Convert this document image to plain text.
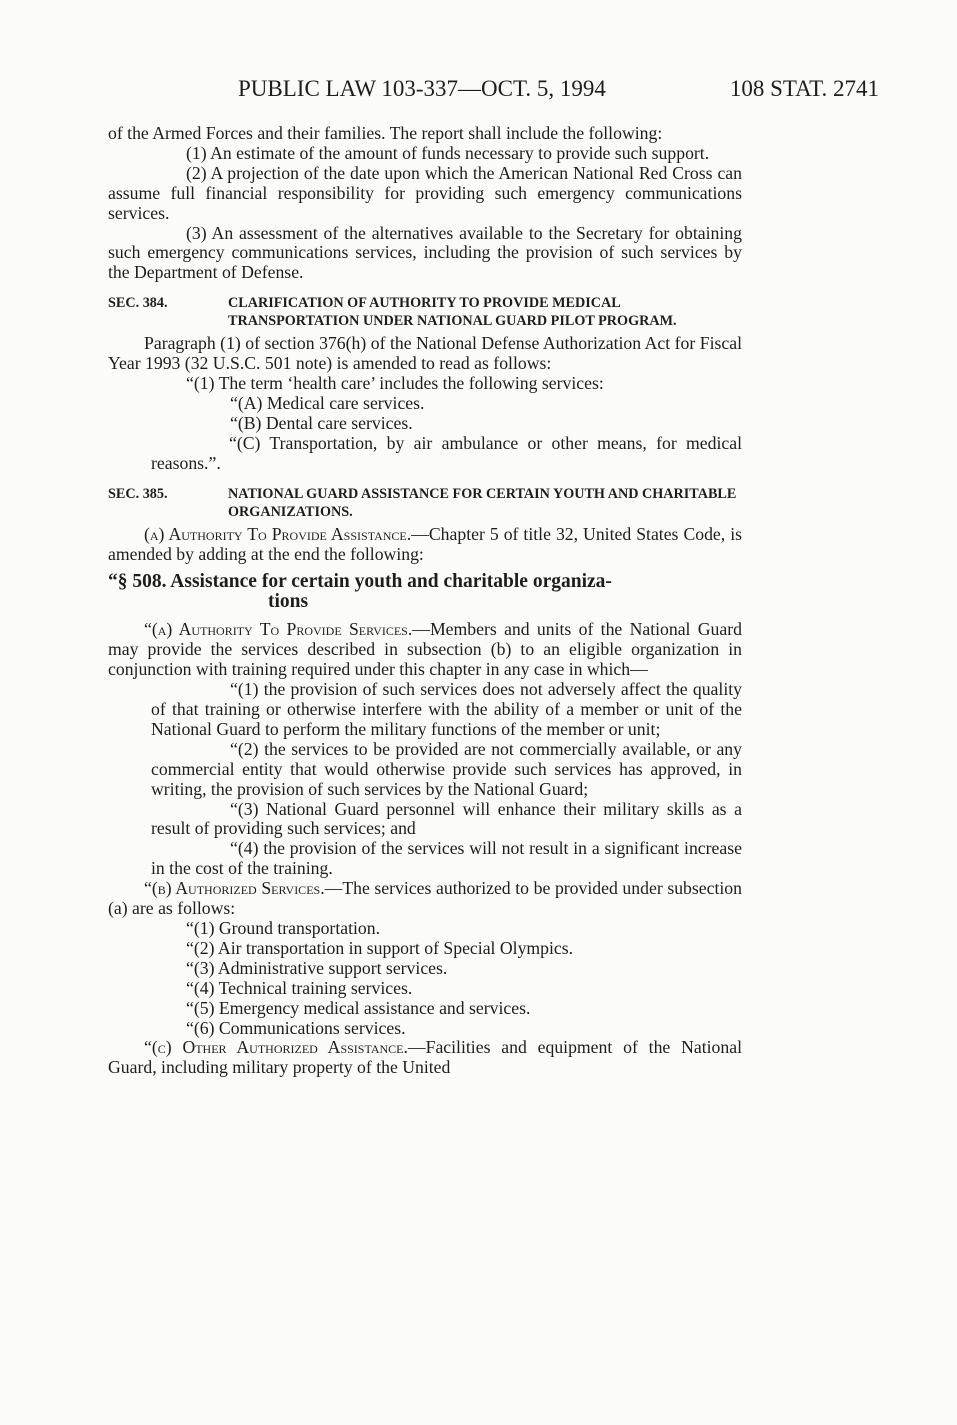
PUBLIC LAW 103-337—OCT. 5, 1994	108 STAT. 2741

of the Armed Forces and their families. The report shall include the following:

(1) An estimate of the amount of funds necessary to provide such support.

(2) A projection of the date upon which the American National Red Cross can assume full financial responsibility for providing such emergency communications services.

(3) An assessment of the alternatives available to the Secretary for obtaining such emergency communications services, including the provision of such services by the Department of Defense.

SEC. 384.	CLARIFICATION OF AUTHORITY TO PROVIDE MEDICAL TRANSPORTATION UNDER NATIONAL GUARD PILOT PROGRAM.

Paragraph (1) of section 376(h) of the National Defense Authorization Act for Fiscal Year 1993 (32 U.S.C. 501 note) is amended to read as follows:

“(1) The term ‘health care’ includes the following services:

“(A) Medical care services.

“(B) Dental care services.

“(C) Transportation, by air ambulance or other means, for medical reasons.”.

SEC. 385.	NATIONAL GUARD ASSISTANCE FOR CERTAIN YOUTH AND CHARITABLE ORGANIZATIONS.

(a) Authority To Provide Assistance.—Chapter 5 of title 32, United States Code, is amended by adding at the end the following:

“§ 508. Assistance for certain youth and charitable organiza-
tions

“(a) Authority To Provide Services.—Members and units of the National Guard may provide the services described in subsection (b) to an eligible organization in conjunction with training required under this chapter in any case in which—

“(1) the provision of such services does not adversely affect the quality of that training or otherwise interfere with the ability of a member or unit of the National Guard to perform the military functions of the member or unit;

“(2) the services to be provided are not commercially available, or any commercial entity that would otherwise provide such services has approved, in writing, the provision of such services by the National Guard;

“(3) National Guard personnel will enhance their military skills as a result of providing such services; and

“(4) the provision of the services will not result in a significant increase in the cost of the training.

“(b) Authorized Services.—The services authorized to be provided under subsection (a) are as follows:

“(1) Ground transportation.

“(2) Air transportation in support of Special Olympics.

“(3) Administrative support services.

“(4) Technical training services.

“(5) Emergency medical assistance and services.

“(6) Communications services.

“(c) Other Authorized Assistance.—Facilities and equipment of the National Guard, including military property of the United
